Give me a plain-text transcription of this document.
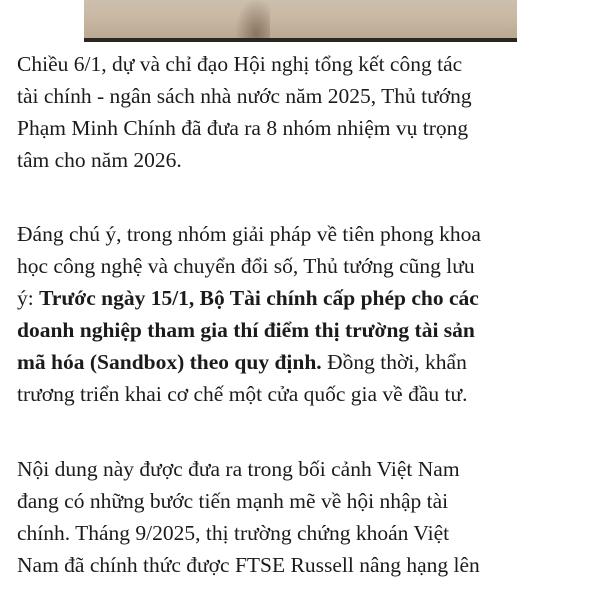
Chiều 6/1, dự và chỉ đạo Hội nghị tổng kết công tác
tài chính - ngân sách nhà nước năm 2025, Thủ tướng
Phạm Minh Chính đã đưa ra 8 nhóm nhiệm vụ trọng
tâm cho năm 2026.

Đáng chú ý, trong nhóm giải pháp về tiên phong khoa
học công nghệ và chuyển đổi số, Thủ tướng cũng lưu
ý: Trước ngày 15/1, Bộ Tài chính cấp phép cho các
doanh nghiệp tham gia thí điểm thị trường tài sản
mã hóa (Sandbox) theo quy định. Đồng thời, khẩn
trương triển khai cơ chế một cửa quốc gia về đầu tư.

Nội dung này được đưa ra trong bối cảnh Việt Nam
đang có những bước tiến mạnh mẽ về hội nhập tài
chính. Tháng 9/2025, thị trường chứng khoán Việt
Nam đã chính thức được FTSE Russell nâng hạng lên
